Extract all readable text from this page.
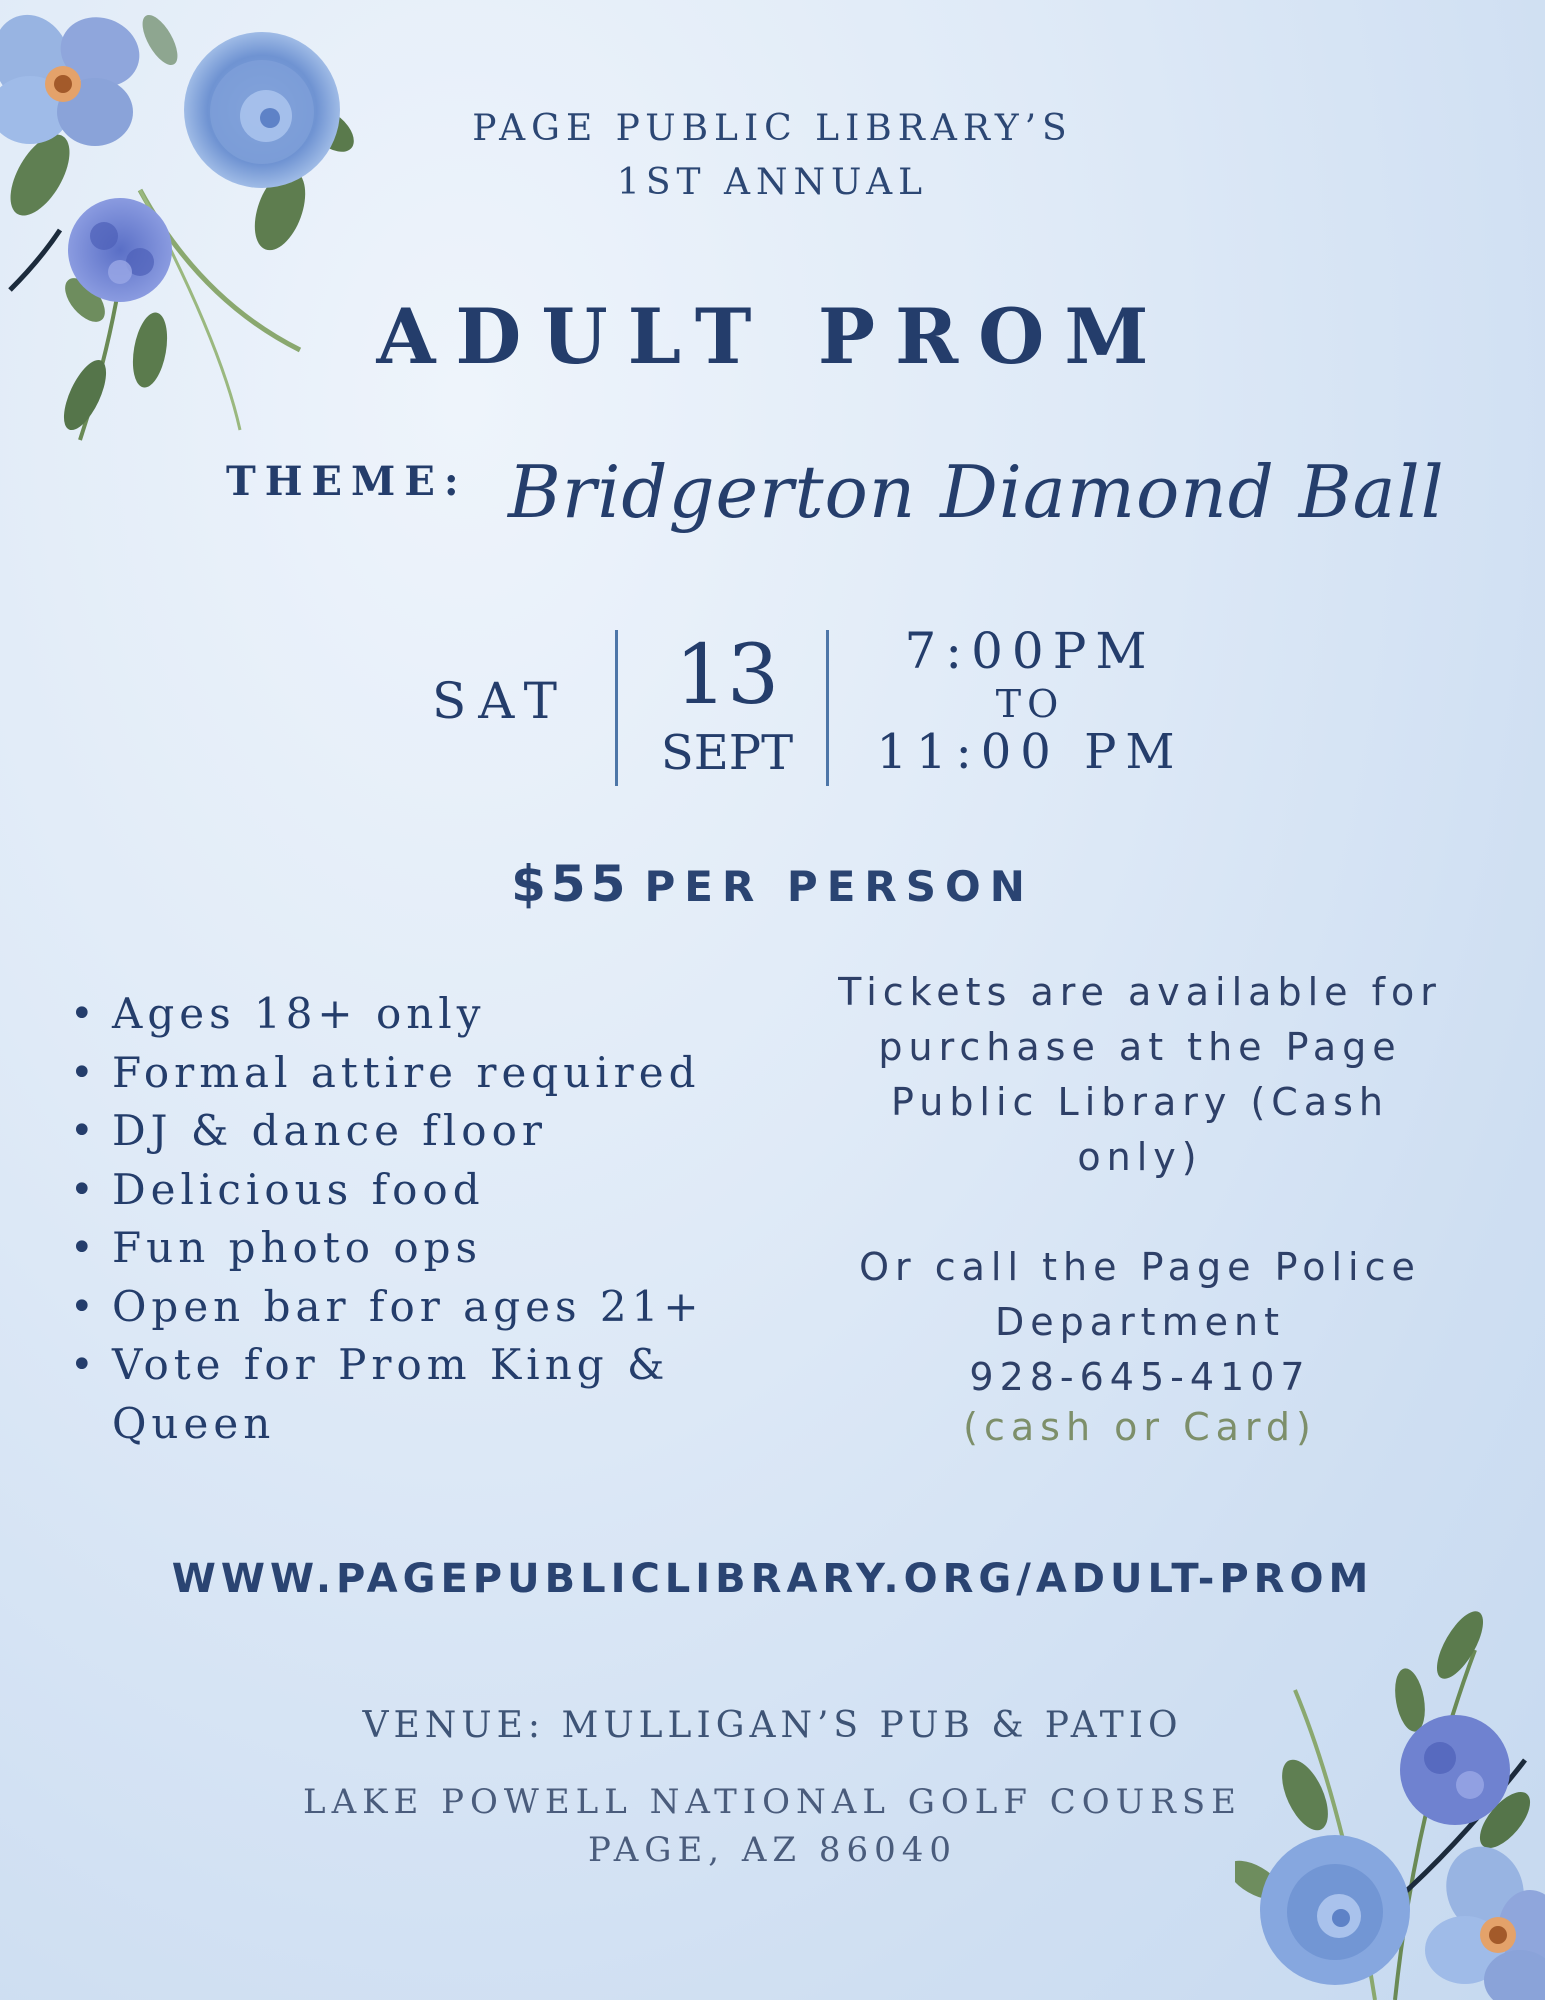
PAGE PUBLIC LIBRARY’S
1ST ANNUAL
ADULT PROM
THEME: Bridgerton Diamond Ball
SAT	13
SEPT
7:00PM
TO
11:00 PM
$55 PER PERSON
• Ages 18+ only
• Formal attire required
• DJ & dance floor
• Delicious food
• Fun photo ops
• Open bar for ages 21+
• Vote for Prom King & Queen
Tickets are available for
purchase at the Page
Public Library (Cash
only)
Or call the Page Police
Department
928-645-4107
(cash or Card)
WWW.PAGEPUBLICLIBRARY.ORG/ADULT-PROM
VENUE: MULLIGAN’S PUB & PATIO
LAKE POWELL NATIONAL GOLF COURSE
PAGE, AZ 86040
